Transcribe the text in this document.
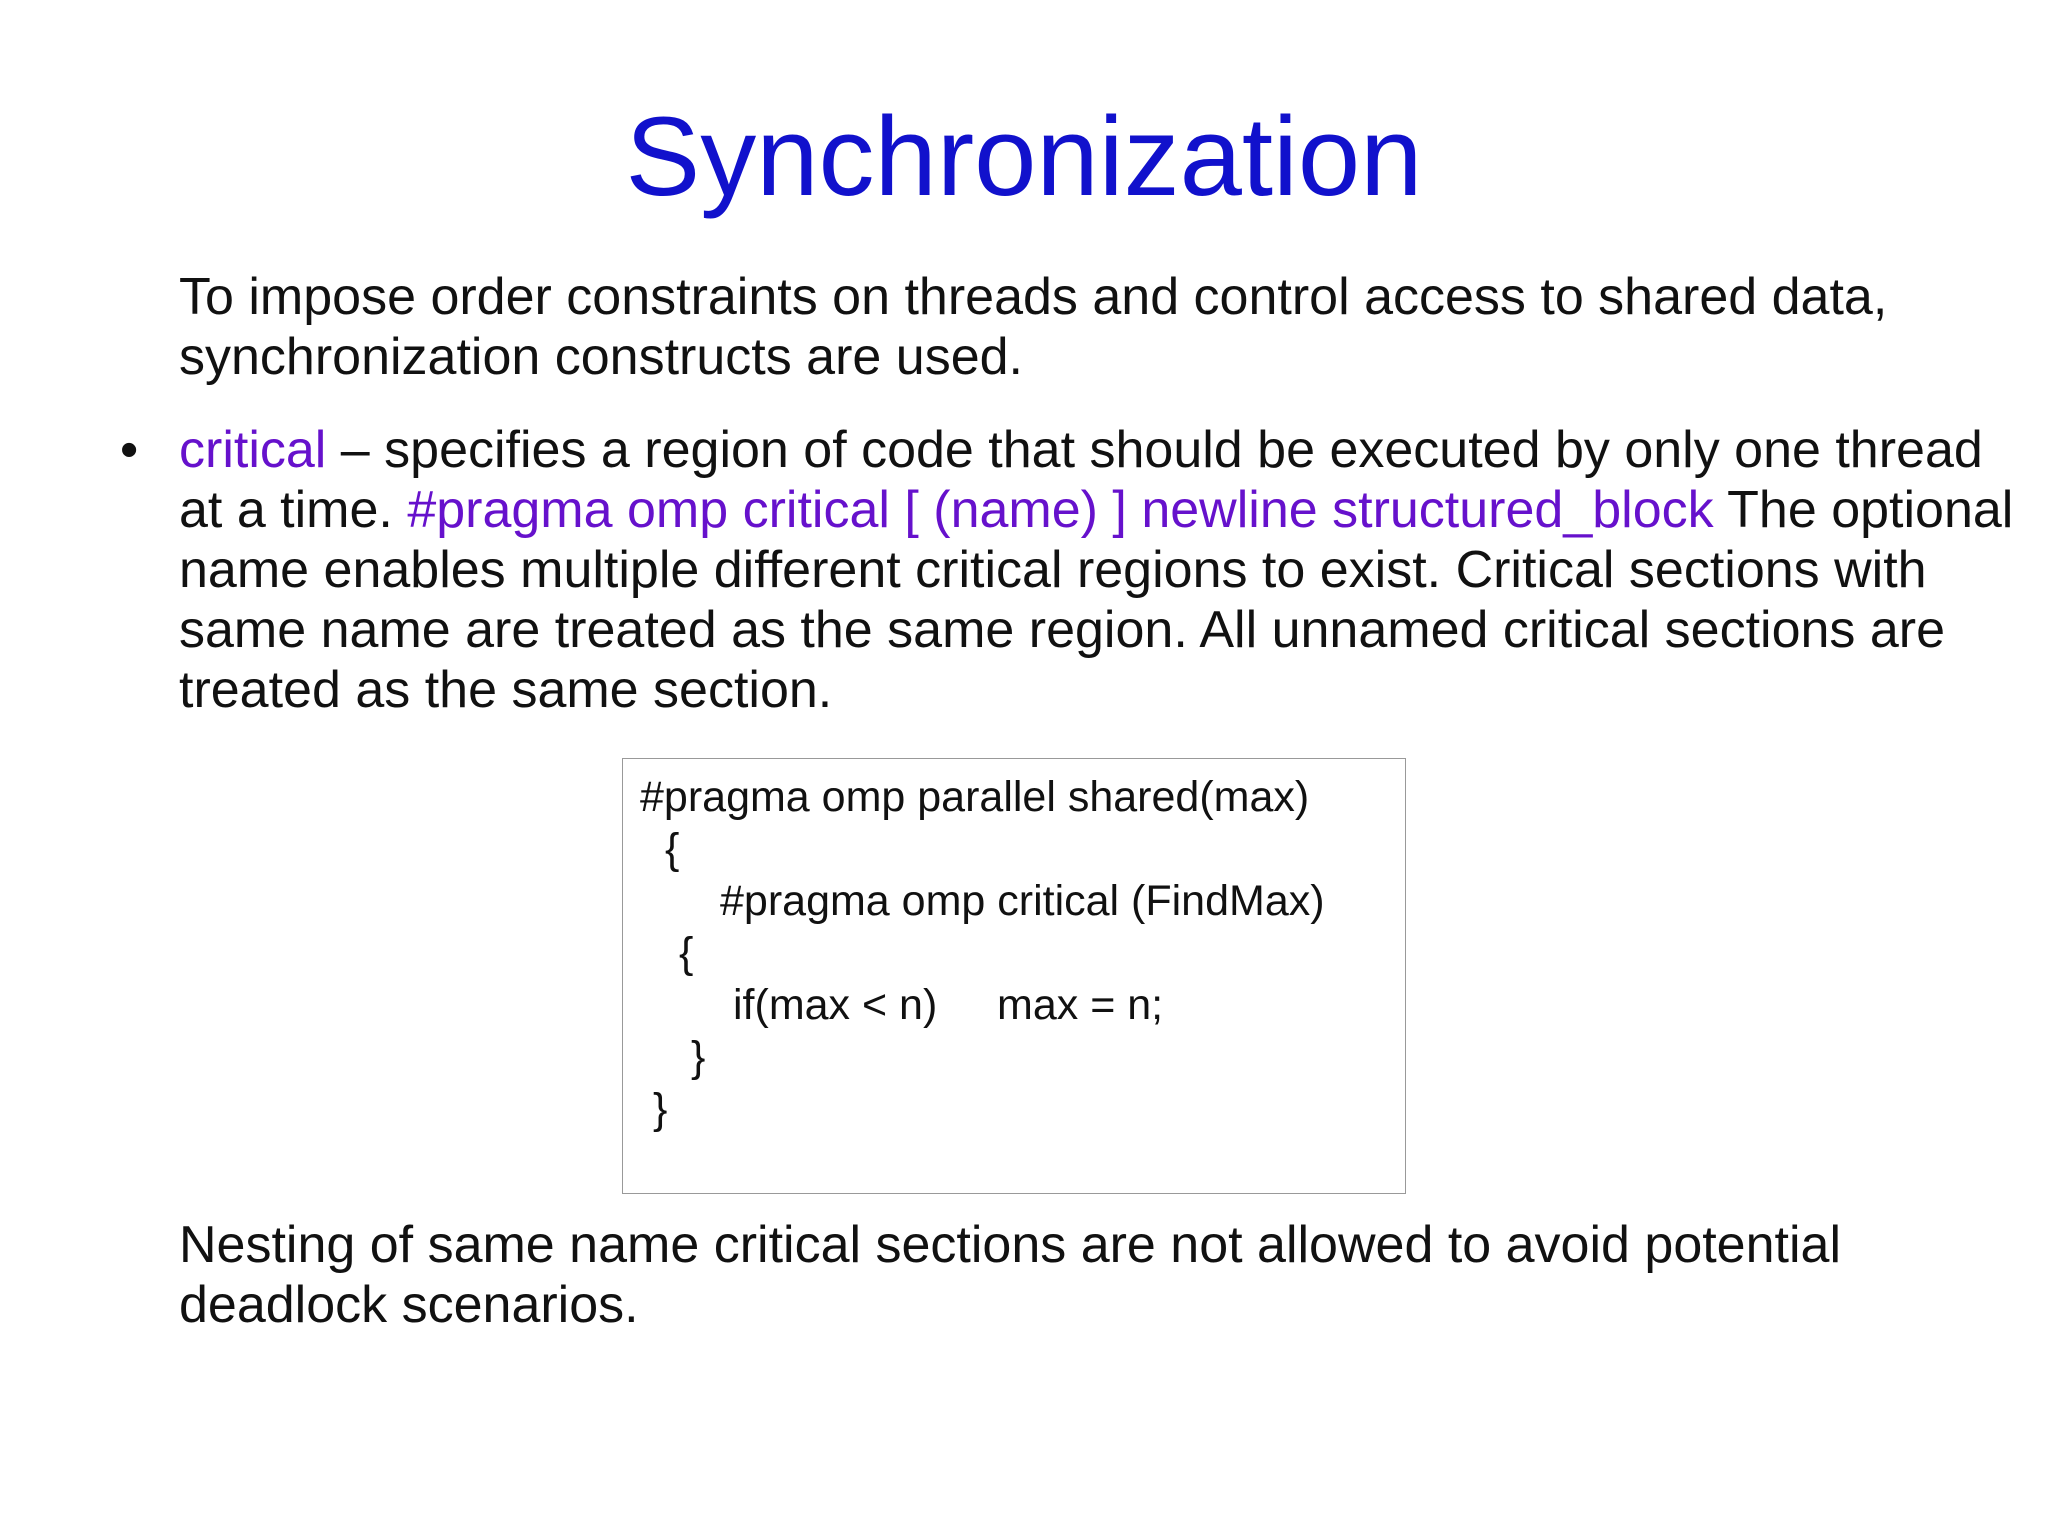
Synchronization

To impose order constraints on threads and control access to shared data, synchronization constructs are used.

• critical – specifies a region of code that should be executed by only one thread at a time. #pragma omp critical [ (name) ] newline structured_block The optional name enables multiple different critical regions to exist. Critical sections with same name are treated as the same region. All unnamed critical sections are treated as the same section.

#pragma omp parallel shared(max)
{
#pragma omp critical (FindMax)
{
if(max < n)     max = n;
}
}

Nesting of same name critical sections are not allowed to avoid potential deadlock scenarios.
